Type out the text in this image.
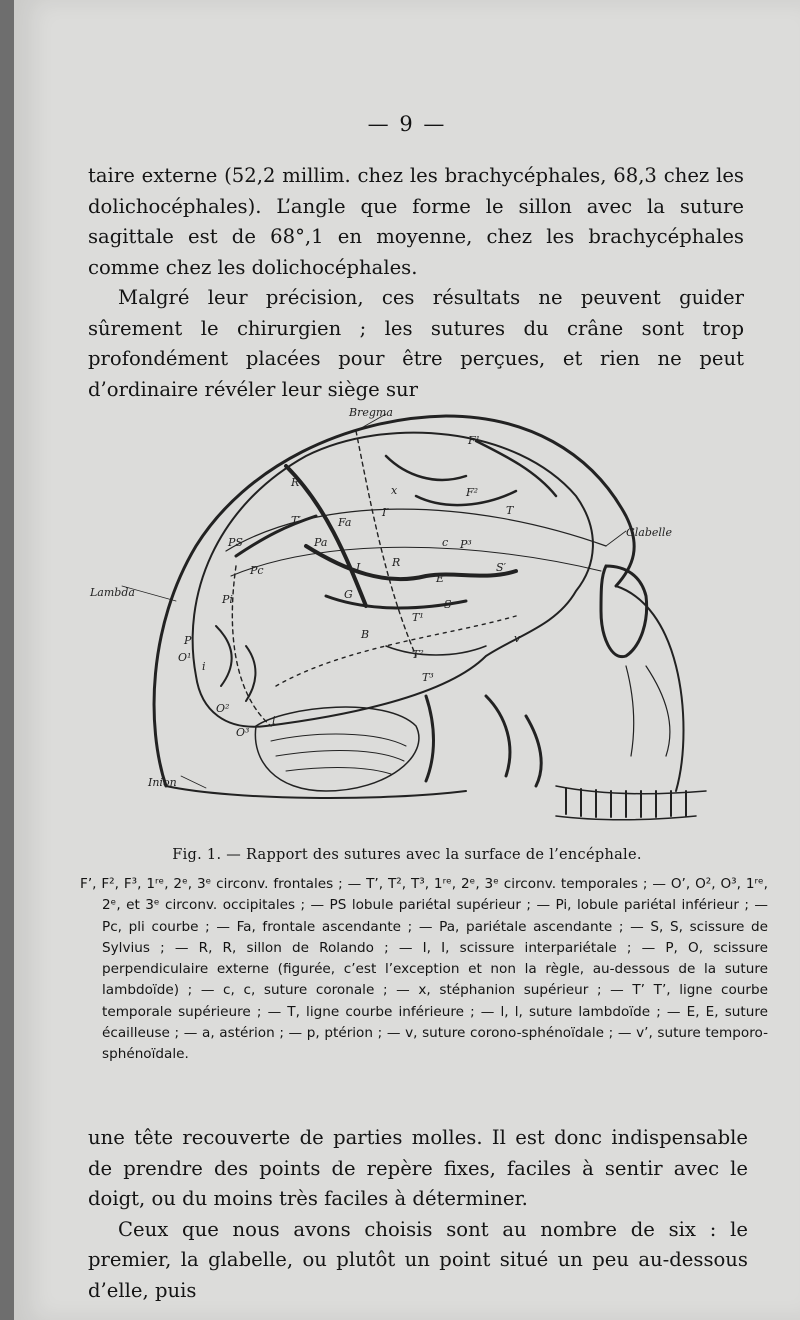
— 9 —

taire externe (52,2 millim. chez les brachycéphales, 68,3 chez les dolichocéphales). L’angle que forme le sillon avec la suture sagittale est de 68°,1 en moyenne, chez les brachycéphales comme chez les dolichocéphales.

Malgré leur précision, ces résultats ne peuvent guider sûrement le chirurgien ; les sutures du crâne sont trop profondément placées pour être perçues, et rien ne peut d’ordinaire révéler leur siège sur

Bregma
Glabelle
Lambda
Inion
F¹
F²
P³
R
R
x
T
T′	Fa
Pa
PS
Pc	I
I′
G
B
E
S
S′
T¹
T²
T³
Pi
P
O¹
O²
O³
i
i
c
v
Fig. 1. — Rapport des sutures avec la surface de l’encéphale.
F’, F², F³, 1ʳᵉ, 2ᵉ, 3ᵉ circonv. frontales ; — T’, T², T³, 1ʳᵉ, 2ᵉ, 3ᵉ circonv. temporales ; — O’, O², O³, 1ʳᵉ, 2ᵉ, et 3ᵉ circonv. occipitales ; — PS lobule pariétal supérieur ; — Pi, lobule pariétal inférieur ; — Pc, pli courbe ; — Fa, frontale ascendante ; — Pa, pariétale ascendante ; — S, S, scissure de Sylvius ; — R, R, sillon de Rolando ; — I, I, scissure interpariétale ; — P, O, scissure perpendiculaire externe (figurée, c’est l’exception et non la règle, au-dessous de la suture lambdoïde) ; — c, c, suture coronale ; — x, stéphanion supérieur ; — T’ T’, ligne courbe temporale supérieure ; — T, ligne courbe inférieure ; — l, l, suture lambdoïde ; — E, E, suture écailleuse ; — a, astérion ; — p, ptérion ; — v, suture corono-sphénoïdale ; — v’, suture temporo-sphénoïdale.

une tête recouverte de parties molles. Il est donc indispensable de prendre des points de repère fixes, faciles à sentir avec le doigt, ou du moins très faciles à déterminer.

Ceux que nous avons choisis sont au nombre de six : le premier, la glabelle, ou plutôt un point situé un peu au-dessous d’elle, puis
